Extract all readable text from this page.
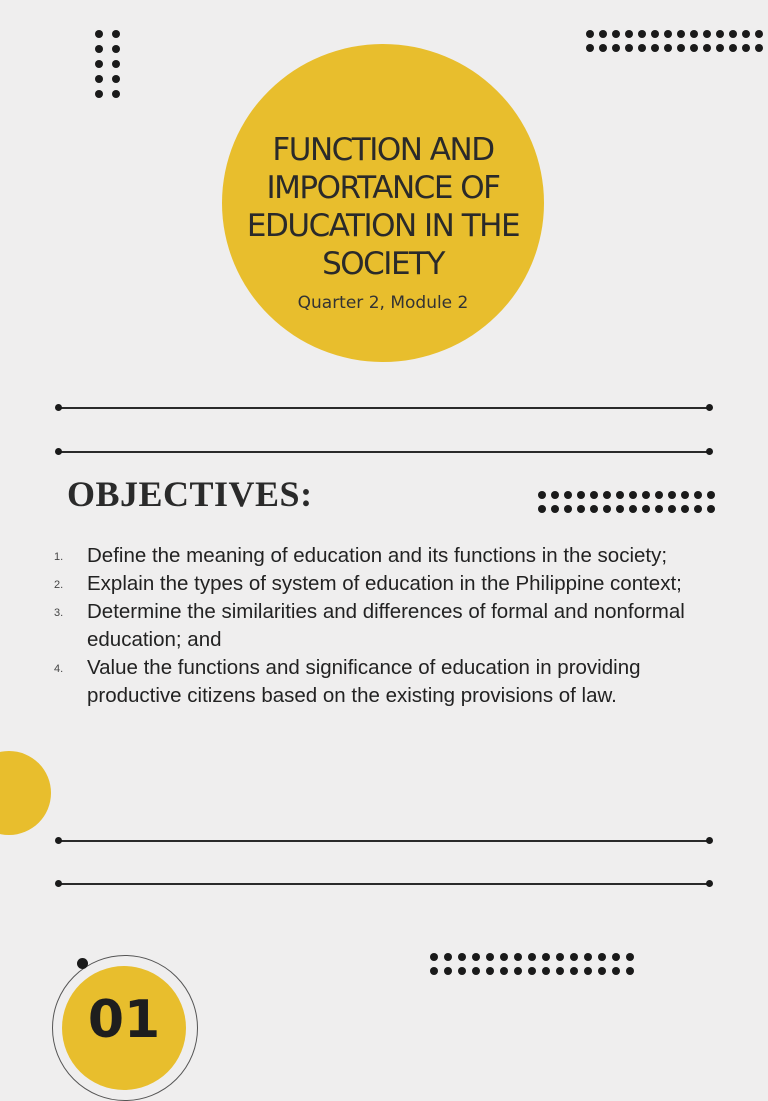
FUNCTION AND
IMPORTANCE OF
EDUCATION IN THE
SOCIETY
Quarter 2, Module 2
OBJECTIVES:
1. Define the meaning of education and its functions in the society;
2. Explain the types of system of education in the Philippine context;
3. Determine the similarities and differences of formal and nonformal education; and
4. Value the functions and significance of education in providing productive citizens based on the existing provisions of law.
01
